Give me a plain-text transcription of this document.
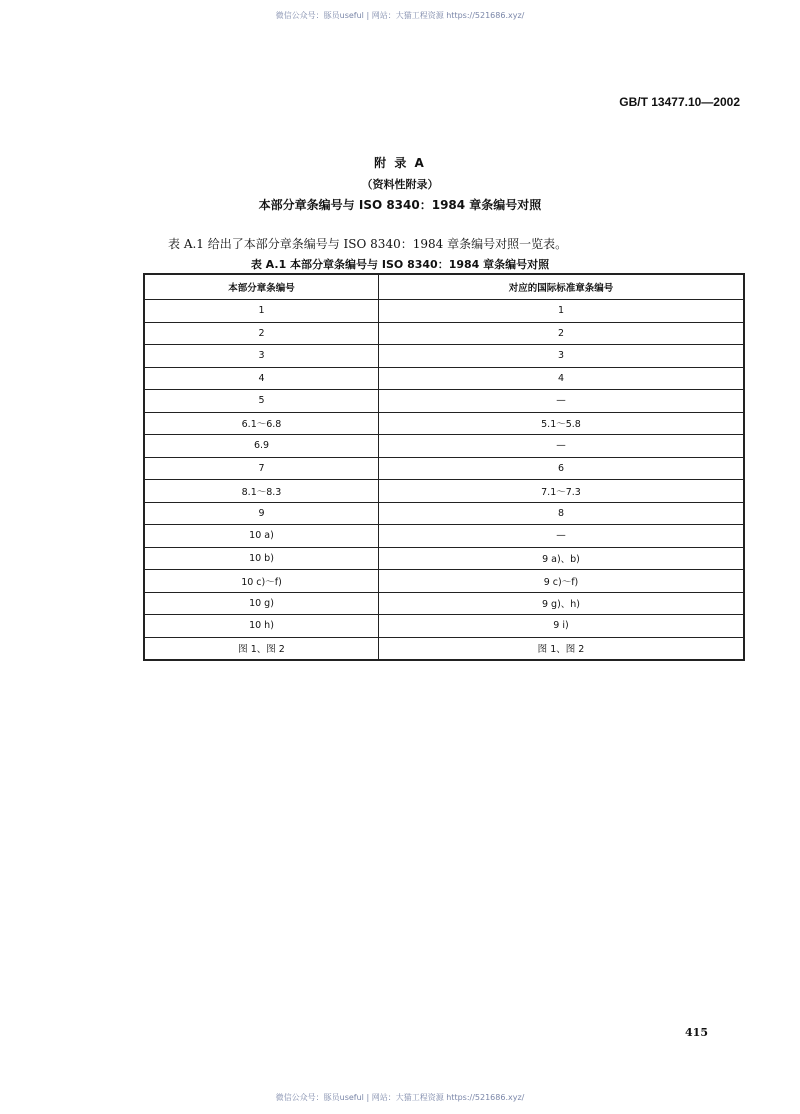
微信公众号：豚员useful | 网站：大猫工程资源 https://521686.xyz/
GB/T 13477.10—2002
附 录 A
（资料性附录）
本部分章条编号与 ISO 8340：1984 章条编号对照
表 A.1 给出了本部分章条编号与 ISO 8340：1984 章条编号对照一览表。
表 A.1 本部分章条编号与 ISO 8340：1984 章条编号对照
本部分章条编号	对应的国际标准章条编号
1	1
2	2
3	3
4	4
5	—
6.1～6.8	5.1～5.8
6.9	—
7	6
8.1～8.3	7.1～7.3
9	8
10 a)	—
10 b)	9 a)、b)
10 c)～f)	9 c)～f)
10 g)	9 g)、h)
10 h)	9 i)
图 1、图 2	图 1、图 2
415
微信公众号：豚员useful | 网站：大猫工程资源 https://521686.xyz/
